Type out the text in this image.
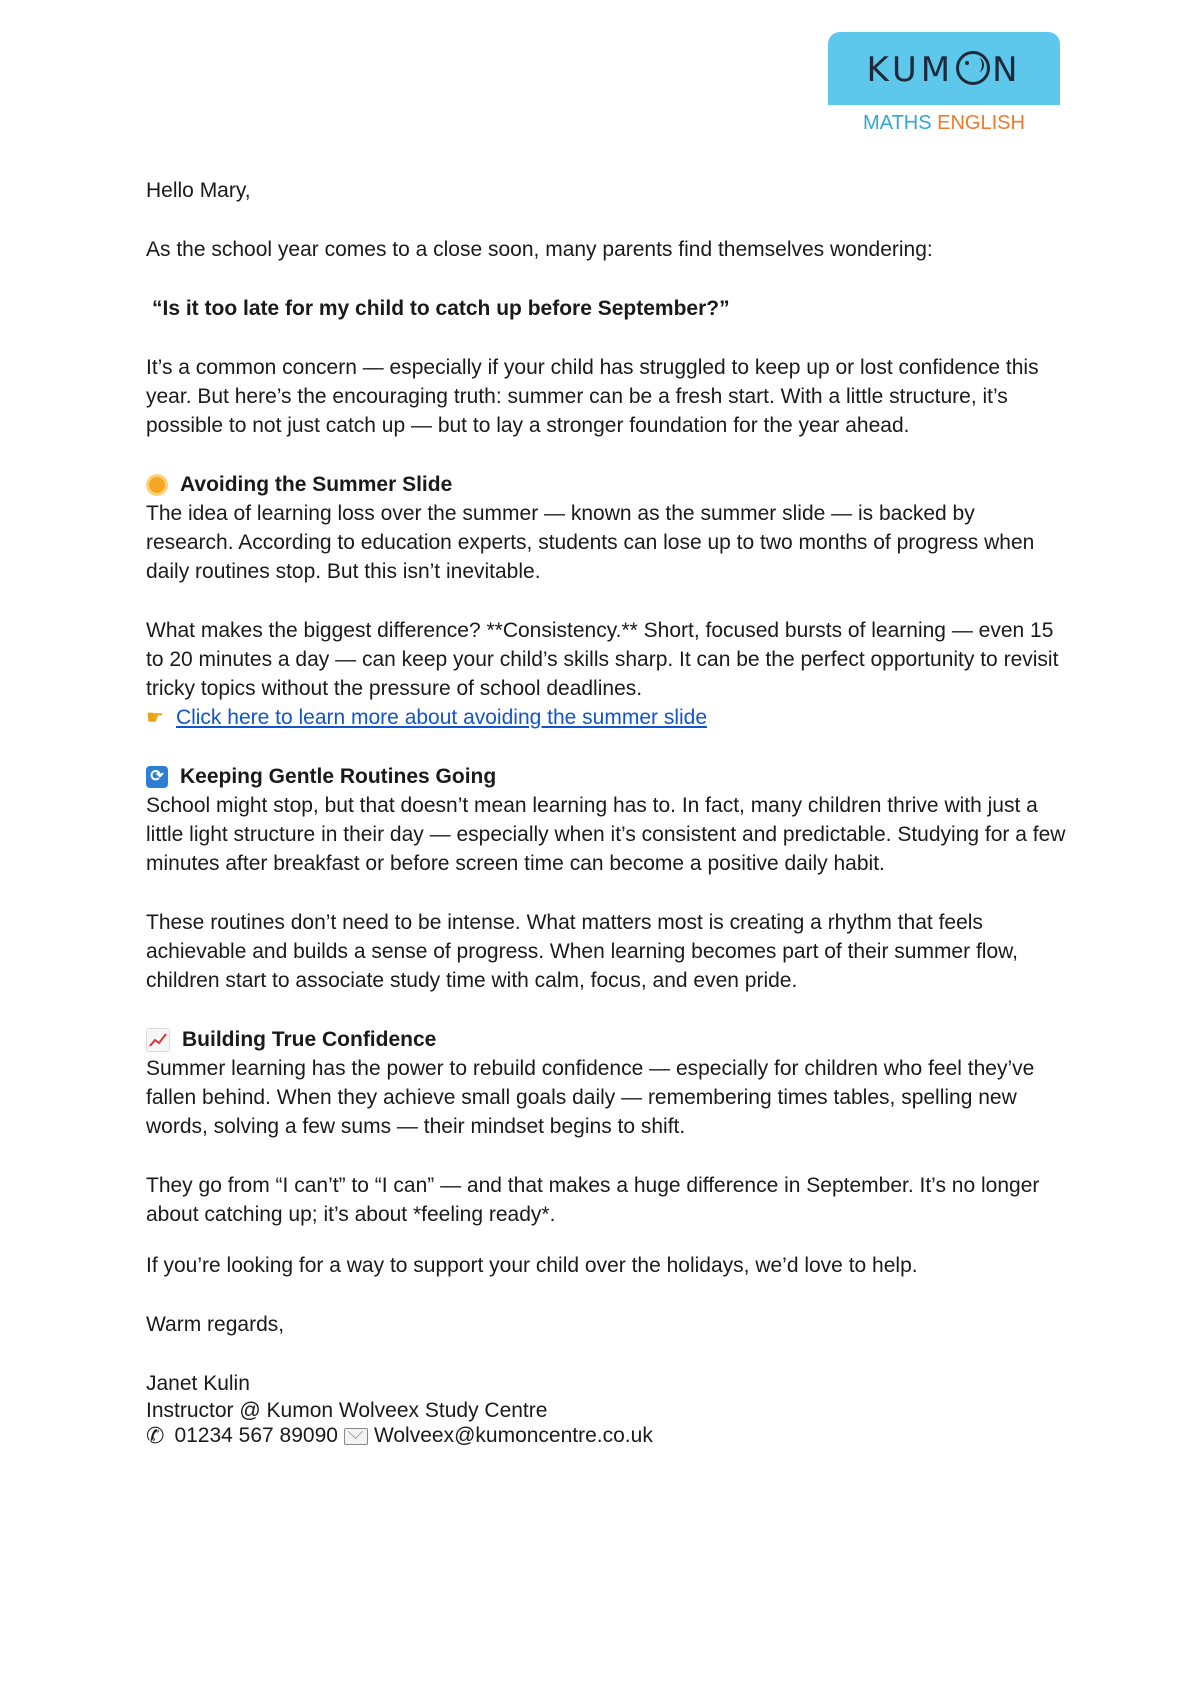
KUM N
MATHS ENGLISH

Hello Mary,

As the school year comes to a close soon, many parents find themselves wondering:

“Is it too late for my child to catch up before September?”

It’s a common concern — especially if your child has struggled to keep up or lost confidence this year. But here’s the encouraging truth: summer can be a fresh start. With a little structure, it’s possible to not just catch up — but to lay a stronger foundation for the year ahead.

Avoiding the Summer Slide

The idea of learning loss over the summer — known as the summer slide — is backed by research. According to education experts, students can lose up to two months of progress when daily routines stop. But this isn’t inevitable.

What makes the biggest difference? **Consistency.** Short, focused bursts of learning — even 15 to 20 minutes a day — can keep your child’s skills sharp. It can be the perfect opportunity to revisit tricky topics without the pressure of school deadlines.

☛ Click here to learn more about avoiding the summer slide
⟳ Keeping Gentle Routines Going

School might stop, but that doesn’t mean learning has to. In fact, many children thrive with just a little light structure in their day — especially when it’s consistent and predictable. Studying for a few minutes after breakfast or before screen time can become a positive daily habit.

These routines don’t need to be intense. What matters most is creating a rhythm that feels achievable and builds a sense of progress. When learning becomes part of their summer flow, children start to associate study time with calm, focus, and even pride.

Building True Confidence

Summer learning has the power to rebuild confidence — especially for children who feel they’ve fallen behind. When they achieve small goals daily — remembering times tables, spelling new words, solving a few sums — their mindset begins to shift.

They go from “I can’t” to “I can” — and that makes a huge difference in September. It’s no longer about catching up; it’s about *feeling ready*.

If you’re looking for a way to support your child over the holidays, we’d love to help.

Warm regards,

Janet Kulin

Instructor @ Kumon Wolveex Study Centre

✆ 01234 567 89090 Wolveex@kumoncentre.co.uk
